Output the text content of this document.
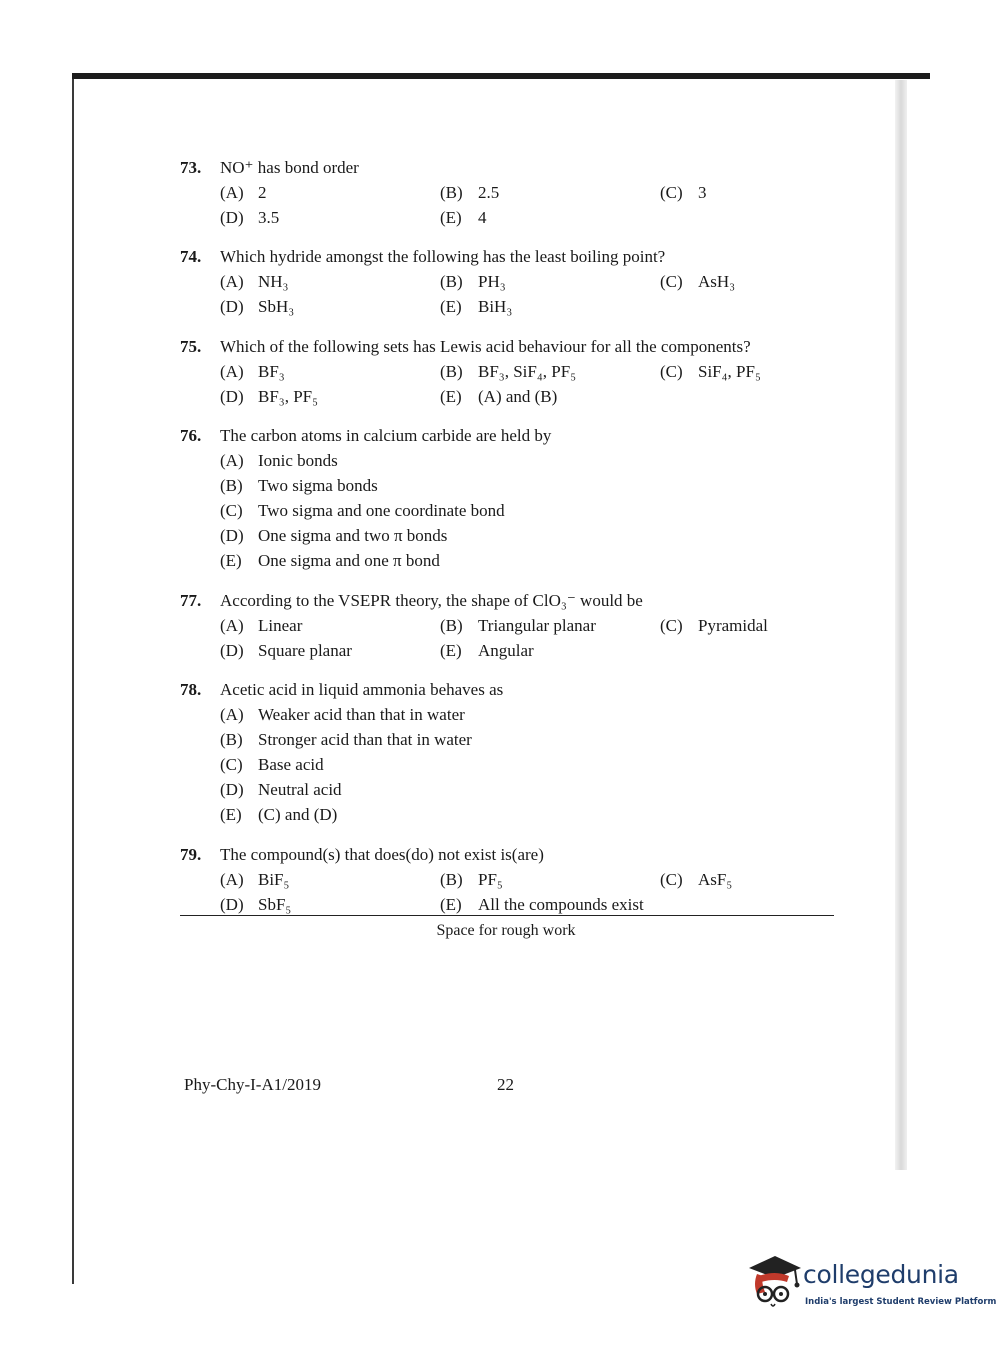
73. NO⁺ has bond order
(A) 2	(B) 2.5	(C) 3
(D) 3.5	(E) 4
74. Which hydride amongst the following has the least boiling point?
(A) NH₃	(B) PH₃	(C) AsH₃
(D) SbH₃	(E) BiH₃
75. Which of the following sets has Lewis acid behaviour for all the components?
(A) BF₃	(B) BF₃, SiF₄, PF₅	(C) SiF₄, PF₅
(D) BF₃, PF₅	(E) (A) and (B)
76. The carbon atoms in calcium carbide are held by
(A) Ionic bonds
(B) Two sigma bonds
(C) Two sigma and one coordinate bond
(D) One sigma and two π bonds
(E) One sigma and one π bond
77. According to the VSEPR theory, the shape of ClO₃⁻ would be
(A) Linear	(B) Triangular planar	(C) Pyramidal
(D) Square planar	(E) Angular
78. Acetic acid in liquid ammonia behaves as
(A) Weaker acid than that in water
(B) Stronger acid than that in water
(C) Base acid
(D) Neutral acid
(E) (C) and (D)
79. The compound(s) that does(do) not exist is(are)
(A) BiF₅	(B) PF₅	(C) AsF₅
(D) SbF₅	(E) All the compounds exist
Space for rough work
Phy-Chy-I-A1/2019	22
collegedunia
India's largest Student Review Platform
